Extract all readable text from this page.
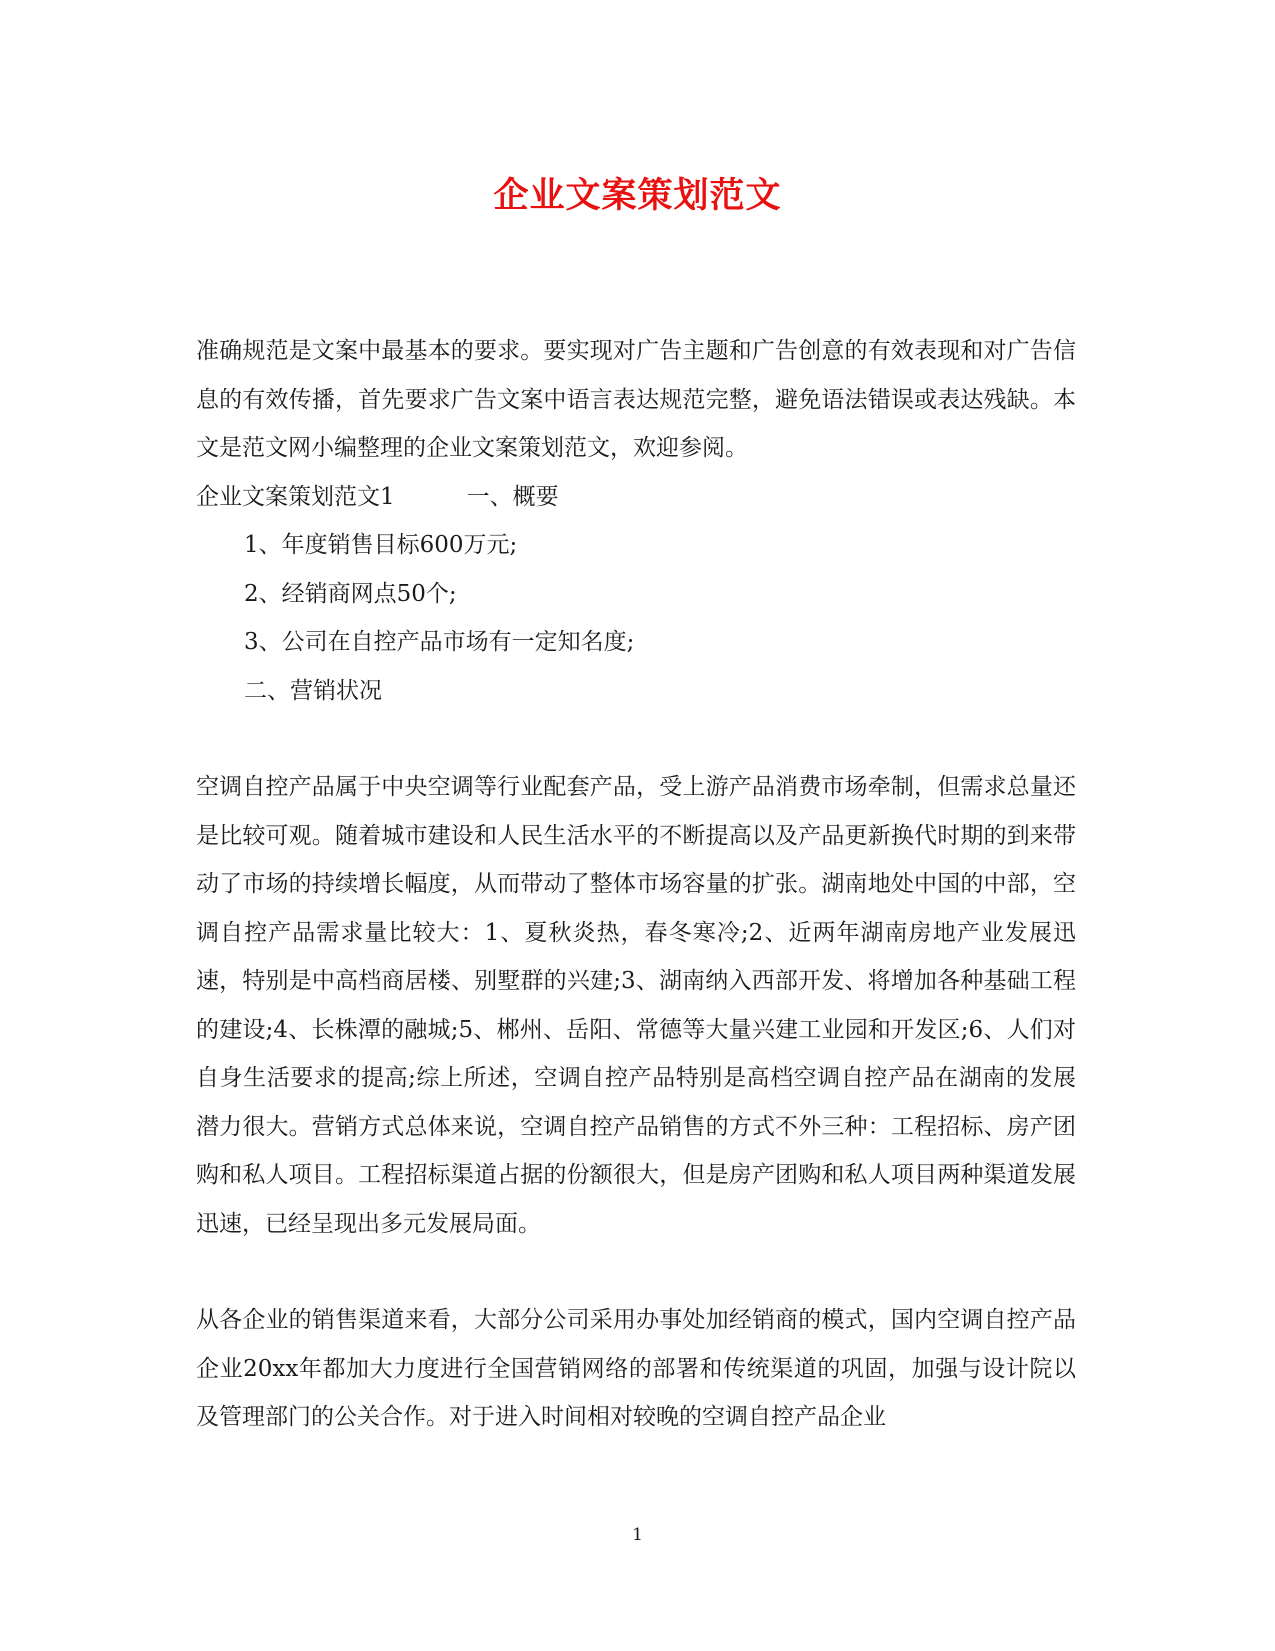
企业文案策划范文

准确规范是文案中最基本的要求。要实现对广告主题和广告创意的有效表现和对广告信息的有效传播，首先要求广告文案中语言表达规范完整，避免语法错误或表达残缺。本文是范文网小编整理的企业文案策划范文，欢迎参阅。

企业文案策划范文1	一、概要

1、年度销售目标600万元;

2、经销商网点50个;

3、公司在自控产品市场有一定知名度;

二、营销状况

空调自控产品属于中央空调等行业配套产品，受上游产品消费市场牵制，但需求总量还是比较可观。随着城市建设和人民生活水平的不断提高以及产品更新换代时期的到来带动了市场的持续增长幅度，从而带动了整体市场容量的扩张。湖南地处中国的中部，空调自控产品需求量比较大：1、夏秋炎热，春冬寒冷;2、近两年湖南房地产业发展迅速，特别是中高档商居楼、别墅群的兴建;3、湖南纳入西部开发、将增加各种基础工程的建设;4、长株潭的融城;5、郴州、岳阳、常德等大量兴建工业园和开发区;6、人们对自身生活要求的提高;综上所述，空调自控产品特别是高档空调自控产品在湖南的发展潜力很大。营销方式总体来说，空调自控产品销售的方式不外三种：工程招标、房产团购和私人项目。工程招标渠道占据的份额很大，但是房产团购和私人项目两种渠道发展迅速，已经呈现出多元发展局面。

从各企业的销售渠道来看，大部分公司采用办事处加经销商的模式，国内空调自控产品企业20xx年都加大力度进行全国营销网络的部署和传统渠道的巩固，加强与设计院以及管理部门的公关合作。对于进入时间相对较晚的空调自控产品企业

1
